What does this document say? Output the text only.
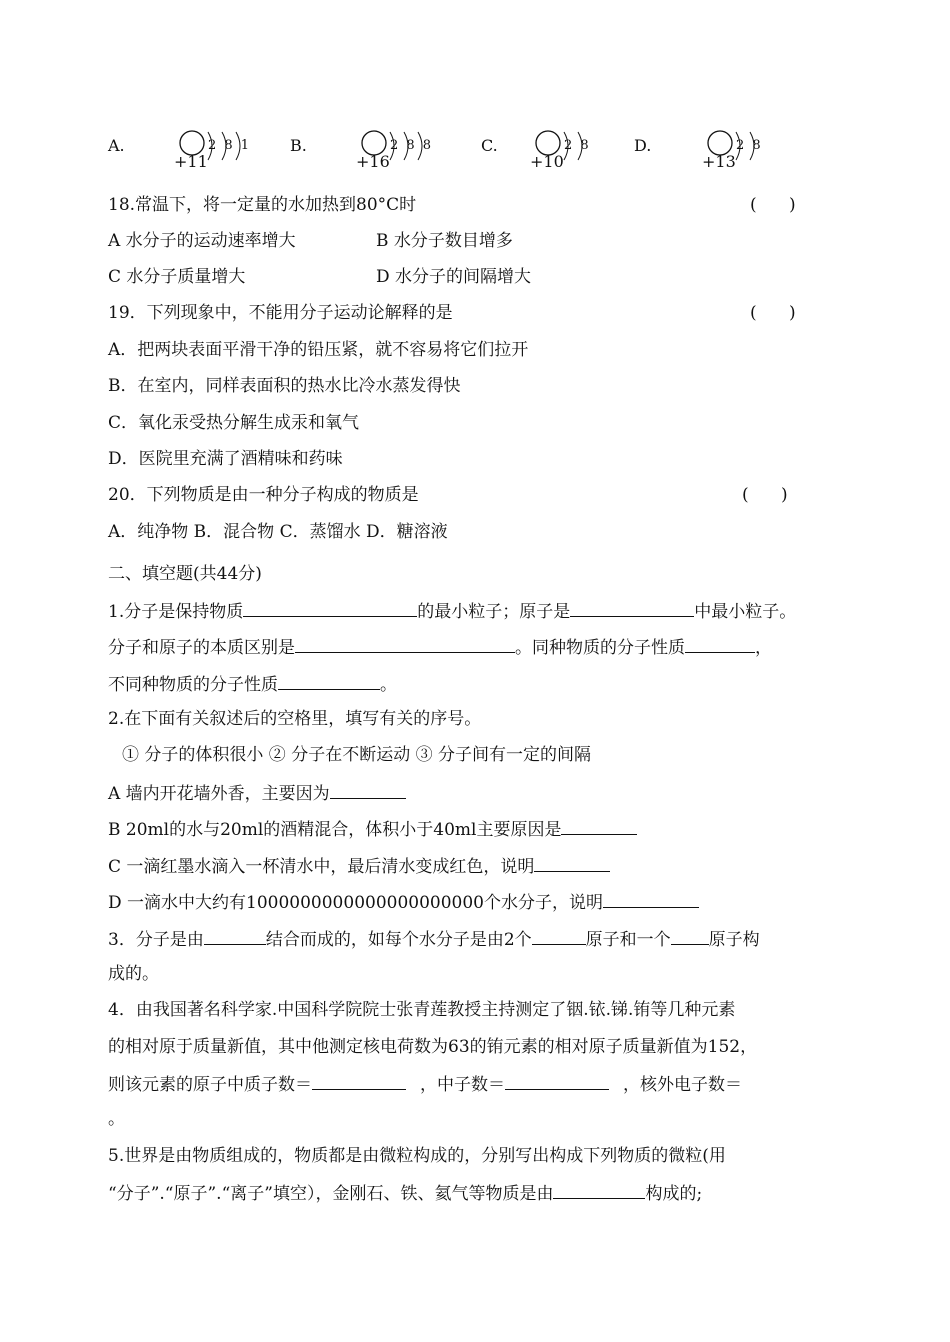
A.
+11
2 8 1 B.
+16
2 8 8	C.
+10
2 8	D.
+13
2 8
18.常温下，将一定量的水加热到80°C时	(      )
A 水分子的运动速率增大	B 水分子数目增多
C 水分子质量增大	D 水分子的间隔增大
19．下列现象中，不能用分子运动论解释的是	(      )
A．把两块表面平滑干净的铅压紧，就不容易将它们拉开
B．在室内，同样表面积的热水比冷水蒸发得快
C．氧化汞受热分解生成汞和氧气
D．医院里充满了酒精味和药味
20．下列物质是由一种分子构成的物质是	(      )
A．纯净物 B．混合物 C．蒸馏水 D．糖溶液
二、填空题(共44分)
1.分子是保持物质	的最小粒子；原子是	中最小粒子。
分子和原子的本质区别是	。同种物质的分子性质	，
不同种物质的分子性质	。
2.在下面有关叙述后的空格里，填写有关的序号。
① 分子的体积很小 ② 分子在不断运动 ③ 分子间有一定的间隔
A 墙内开花墙外香，主要因为
B 20ml的水与20ml的酒精混合，体积小于40ml主要原因是
C 一滴红墨水滴入一杯清水中，最后清水变成红色，说明
D 一滴水中大约有1000000000000000000000个水分子，说明
3．分子是由	结合而成的，如每个水分子是由2个	原子和一个 原子构
成的。
4．由我国著名科学家.中国科学院院士张青莲教授主持测定了铟.铱.锑.铕等几种元素
的相对原于质量新值，其中他测定核电荷数为63的铕元素的相对原子质量新值为152，
则该元素的原子中质子数＝	，中子数＝	，核外电子数＝
。
5.世界是由物质组成的，物质都是由微粒构成的，分别写出构成下列物质的微粒(用
“分子”.“原子”.“离子”填空），金刚石、铁、氦气等物质是由	构成的;
